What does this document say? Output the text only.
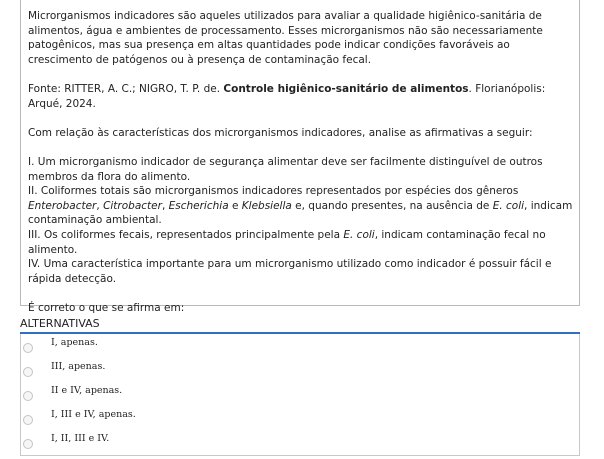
Microrganismos indicadores são aqueles utilizados para avaliar a qualidade higiênico-sanitária de alimentos, água e ambientes de processamento. Esses microrganismos não são necessariamente patogênicos, mas sua presença em altas quantidades pode indicar condições favoráveis ao crescimento de patógenos ou à presença de contaminação fecal.

Fonte: RITTER, A. C.; NIGRO, T. P. de. Controle higiênico-sanitário de alimentos. Florianópolis: Arqué, 2024.

Com relação às características dos microrganismos indicadores, analise as afirmativas a seguir:

I. Um microrganismo indicador de segurança alimentar deve ser facilmente distinguível de outros membros da flora do alimento.

II. Coliformes totais são microrganismos indicadores representados por espécies dos gêneros Enterobacter, Citrobacter, Escherichia e Klebsiella e, quando presentes, na ausência de E. coli, indicam contaminação ambiental.

III. Os coliformes fecais, representados principalmente pela E. coli, indicam contaminação fecal no alimento.

IV. Uma característica importante para um microrganismo utilizado como indicador é possuir fácil e rápida detecção.

É correto o que se afirma em:

ALTERNATIVAS
I, apenas.
III, apenas.
II e IV, apenas.
I, III e IV, apenas.
I, II, III e IV.
